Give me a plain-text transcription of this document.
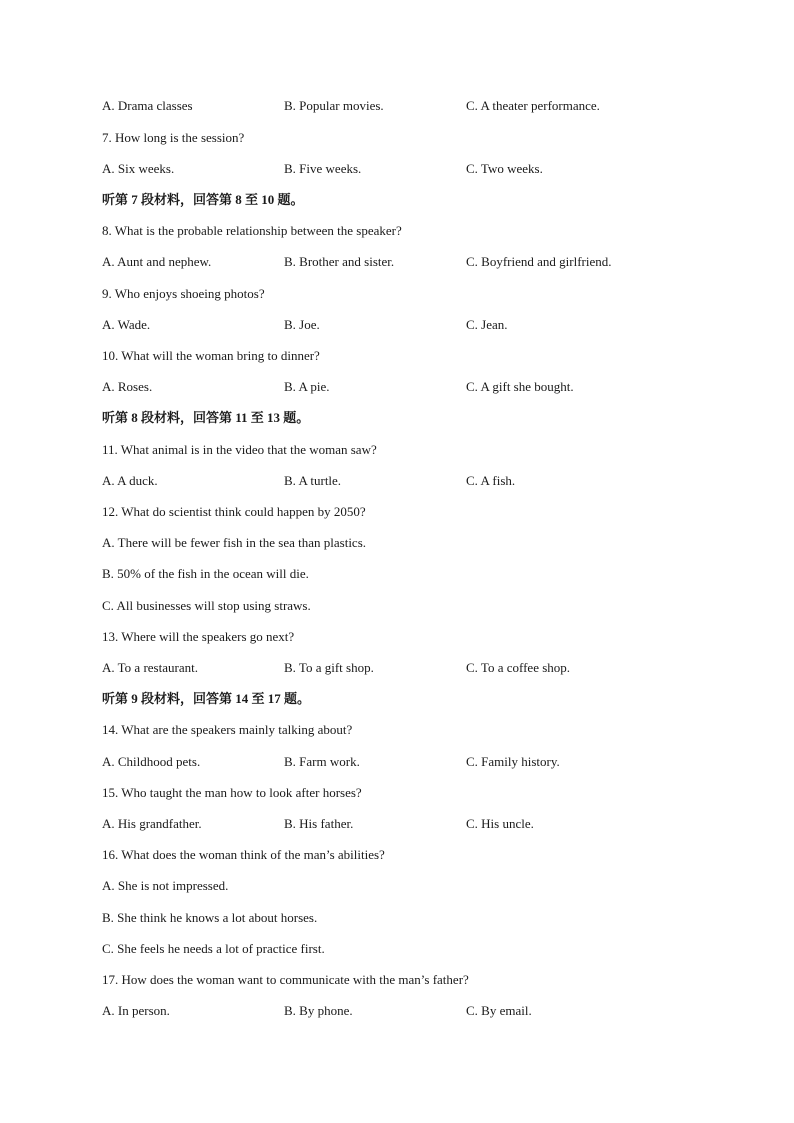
A. Drama classes	B. Popular movies.	C. A theater performance.
7. How long is the session?
A. Six weeks.	B. Five weeks.	C. Two weeks.
听第 7 段材料，回答第 8 至 10 题。
8. What is the probable relationship between the speaker?
A. Aunt and nephew.	B. Brother and sister.	C. Boyfriend and girlfriend.
9. Who enjoys shoeing photos?
A. Wade.	B. Joe.	C. Jean.
10. What will the woman bring to dinner?
A. Roses.	B. A pie.	C. A gift she bought.
听第 8 段材料，回答第 11 至 13 题。
11. What animal is in the video that the woman saw?
A. A duck.	B. A turtle.	C. A fish.
12. What do scientist think could happen by 2050?
A. There will be fewer fish in the sea than plastics.
B. 50% of the fish in the ocean will die.
C. All businesses will stop using straws.
13. Where will the speakers go next?
A. To a restaurant.	B. To a gift shop.	C. To a coffee shop.
听第 9 段材料，回答第 14 至 17 题。
14. What are the speakers mainly talking about?
A. Childhood pets.	B. Farm work.	C. Family history.
15. Who taught the man how to look after horses?
A. His grandfather.	B. His father.	C. His uncle.
16. What does the woman think of the man’s abilities?
A. She is not impressed.
B. She think he knows a lot about horses.
C. She feels he needs a lot of practice first.
17. How does the woman want to communicate with the man’s father?
A. In person.	B. By phone.	C. By email.
